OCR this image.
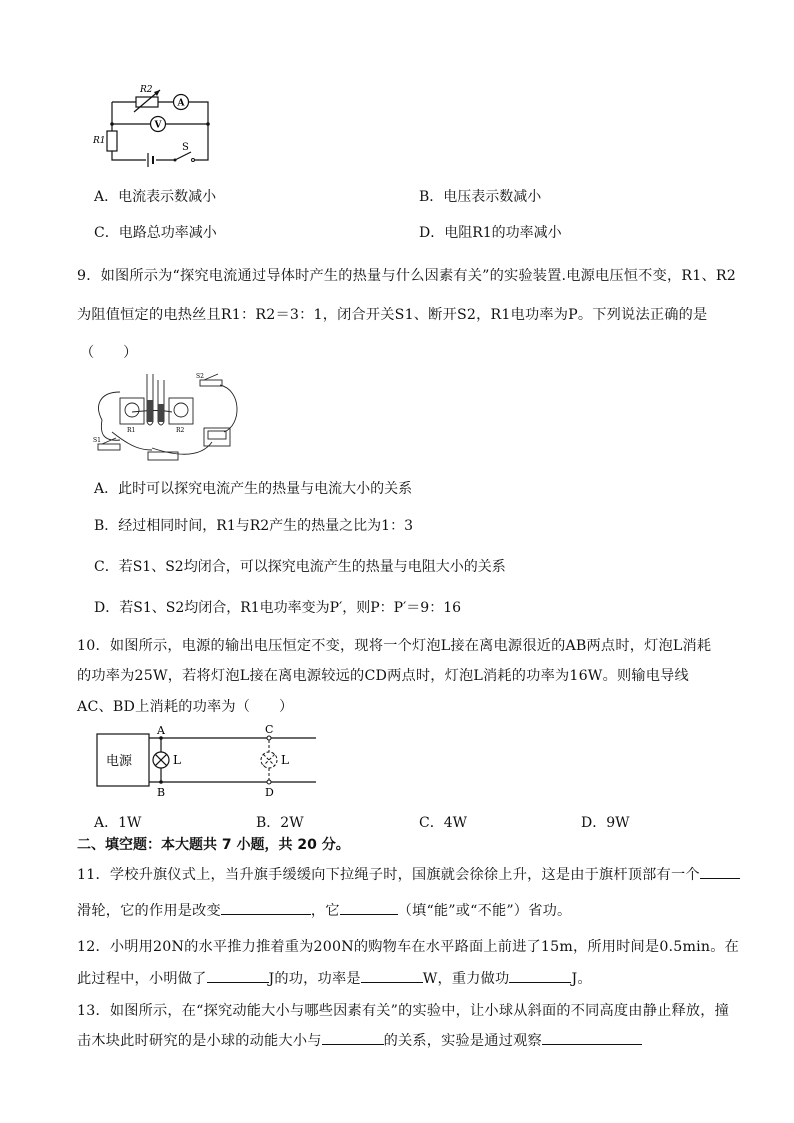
R2
A
V
R1
S
A．电流表示数减小	B．电压表示数减小
C．电路总功率减小	D．电阻R1的功率减小
9．如图所示为“探究电流通过导体时产生的热量与什么因素有关”的实验装置.电源电压恒不变，R1、R2
为阻值恒定的电热丝且R1：R2＝3：1，闭合开关S1、断开S2，R1电功率为P。下列说法正确的是
（　　）
R1	R2
S1
S2
A．此时可以探究电流产生的热量与电流大小的关系
B．经过相同时间，R1与R2产生的热量之比为1：3
C．若S1、S2均闭合，可以探究电流产生的热量与电阻大小的关系
D．若S1、S2均闭合，R1电功率变为P′，则P：P′＝9：16
10．如图所示，电源的输出电压恒定不变，现将一个灯泡L接在离电源很近的AB两点时，灯泡L消耗
的功率为25W，若将灯泡L接在离电源较远的CD两点时，灯泡L消耗的功率为16W。则输电导线
AC、BD上消耗的功率为（　　）
电源
A
B
L
C
D
L
A．1W	B．2W	C．4W	D．9W
二、填空题：本大题共 7 小题，共 20 分。
11．学校升旗仪式上，当升旗手缓缓向下拉绳子时，国旗就会徐徐上升，这是由于旗杆顶部有一个
滑轮，它的作用是改变	，它	（填“能”或“不能”）省功。
12．小明用20N的水平推力推着重为200N的购物车在水平路面上前进了15m，所用时间是0.5min。在
此过程中，小明做了	J的功，功率是	W，重力做功	J。
13．如图所示，在“探究动能大小与哪些因素有关”的实验中，让小球从斜面的不同高度由静止释放，撞
击木块此时研究的是小球的动能大小与	的关系，实验是通过观察
